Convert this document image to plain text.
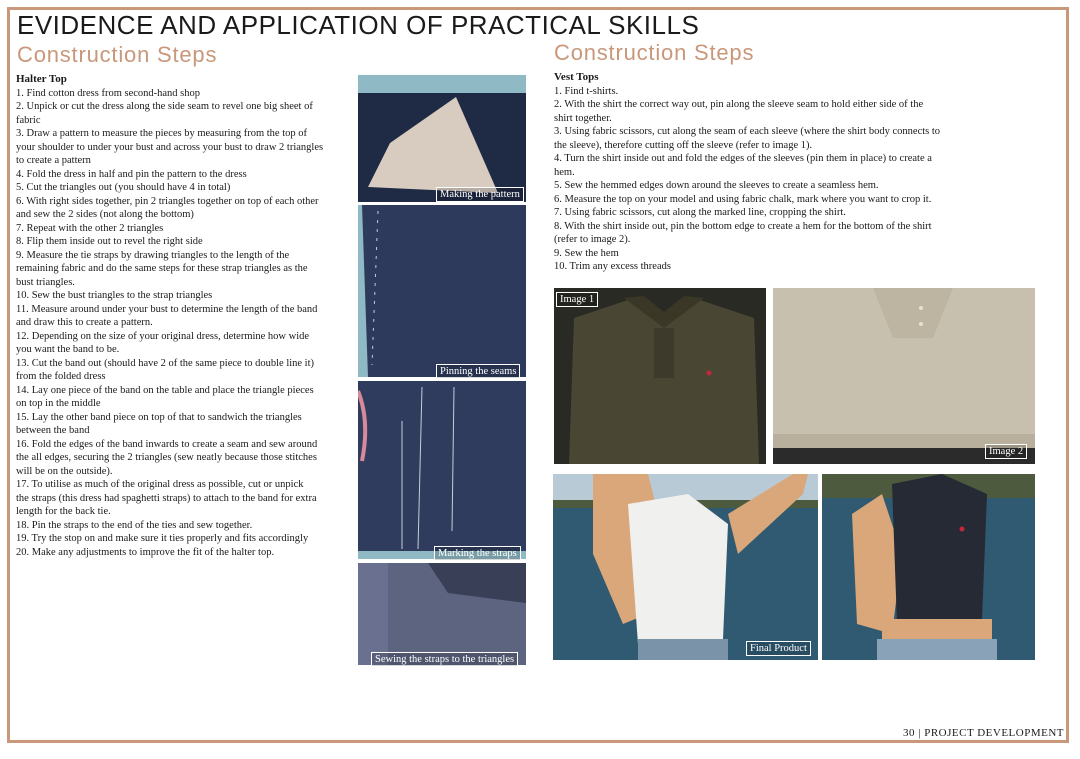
EVIDENCE AND APPLICATION OF PRACTICAL SKILLS
Construction Steps	Construction Steps
Halter Top
1. Find cotton dress from second-hand shop
2. Unpick or cut the dress along the side seam to revel one big sheet of
fabric
3. Draw a pattern to measure the pieces by measuring from the top of
your shoulder to under your bust and across your bust to draw 2 triangles
to create a pattern
4. Fold the dress in half and pin the pattern to the dress
5. Cut the triangles out (you should have 4 in total)
6. With right sides together, pin 2 triangles together on top of each other
and sew the 2 sides (not along the bottom)
7. Repeat with the other 2 triangles
8. Flip them inside out to revel the right side
9. Measure the tie straps by drawing triangles to the length of the
remaining fabric and do the same steps for these strap triangles as the
bust triangles.
10. Sew the bust triangles to the strap triangles
11. Measure around under your bust to determine the length of the band
and draw this to create a pattern.
12. Depending on the size of your original dress, determine how wide
you want the band to be.
13. Cut the band out (should have 2 of the same piece to double line it)
from the folded dress
14. Lay one piece of the band on the table and place the triangle pieces
on top in the middle
15. Lay the other band piece on top of that to sandwich the triangles
between the band
16. Fold the edges of the band inwards to create a seam and sew around
the all edges, securing the 2 triangles (sew neatly because those stitches
will be on the outside).
17. To utilise as much of the original dress as possible, cut or unpick
the straps (this dress had spaghetti straps) to attach to the band for extra
length for the back tie.
18. Pin the straps to the end of the ties and sew together.
19. Try the stop on and make sure it ties properly and fits accordingly
20. Make any adjustments to improve the fit of the halter top.
Making the pattern
Pinning the seams
Marking the straps
Sewing the straps to the triangles
Vest Tops
1. Find t-shirts.
2. With the shirt the correct way out, pin along the sleeve seam to hold either side of the
shirt together.
3. Using fabric scissors, cut along the seam of each sleeve (where the shirt body connects to
the sleeve), therefore cutting off the sleeve (refer to image 1).
4. Turn the shirt inside out and fold the edges of the sleeves (pin them in place) to create a
hem.
5. Sew the hemmed edges down around the sleeves to create a seamless hem.
6. Measure the top on your model and using fabric chalk, mark where you want to crop it.
7. Using fabric scissors, cut along the marked line, cropping the shirt.
8. With the shirt inside out, pin the bottom edge to create a hem for the bottom of the shirt
(refer to image 2).
9. Sew the hem
10. Trim any excess threads
Image 1
Image 2
Final Product
30 | PROJECT DEVELOPMENT
